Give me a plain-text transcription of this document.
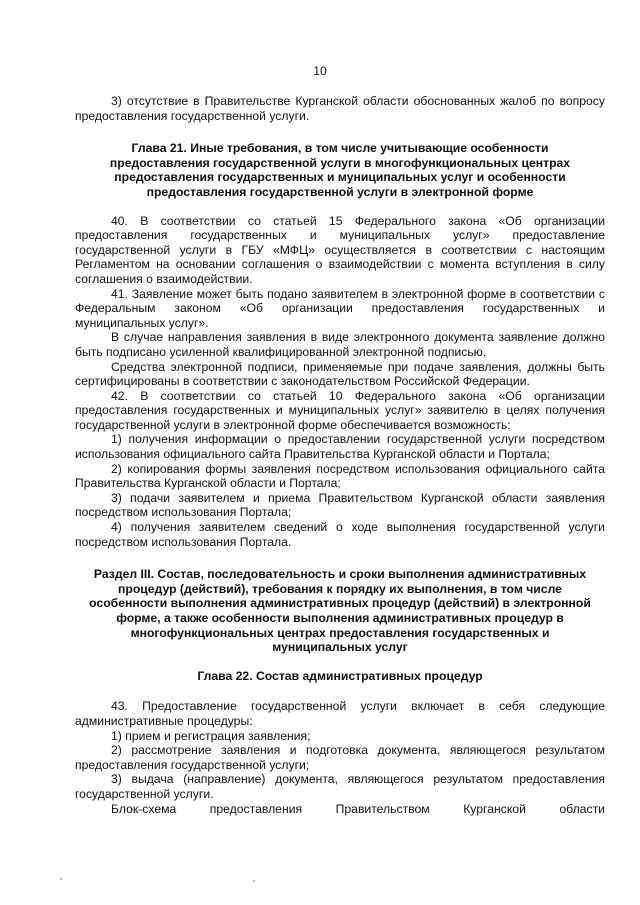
10

3) отсутствие в Правительстве Курганской области обоснованных жалоб по вопросу предоставления государственной услуги.

Глава 21. Иные требования, в том числе учитывающие особенности

предоставления государственной услуги в многофункциональных центрах

предоставления государственных и муниципальных услуг и особенности

предоставления государственной услуги в электронной форме

40. В соответствии со статьей 15 Федерального закона «Об организации предоставления государственных и муниципальных услуг» предоставление государственной услуги в ГБУ «МФЦ» осуществляется в соответствии с настоящим Регламентом на основании соглашения о взаимодействии с момента вступления в силу соглашения о взаимодействии.

41. Заявление может быть подано заявителем в электронной форме в соответствии с Федеральным законом «Об организации предоставления государственных и муниципальных услуг».

В случае направления заявления в виде электронного документа заявление должно быть подписано усиленной квалифицированной электронной подписью.

Средства электронной подписи, применяемые при подаче заявления, должны быть сертифицированы в соответствии с законодательством Российской Федерации.

42. В соответствии со статьей 10 Федерального закона «Об организации предоставления государственных и муниципальных услуг» заявителю в целях получения государственной услуги в электронной форме обеспечивается возможность:

1) получения информации о предоставлении государственной услуги посредством использования официального сайта Правительства Курганской области и Портала;

2) копирования формы заявления посредством использования официального сайта Правительства Курганской области и Портала;

3) подачи заявителем и приема Правительством Курганской области заявления посредством использования Портала;

4) получения заявителем сведений о ходе выполнения государственной услуги посредством использования Портала.

Раздел III. Состав, последовательность и сроки выполнения административных

процедур (действий), требования к порядку их выполнения, в том числе

особенности выполнения административных процедур (действий) в электронной

форме, а также особенности выполнения административных процедур в

многофункциональных центрах предоставления государственных и

муниципальных услуг

Глава 22. Состав административных процедур

43. Предоставление государственной услуги включает в себя следующие административные процедуры:

1) прием и регистрация заявления;

2) рассмотрение заявления и подготовка документа, являющегося результатом предоставления государственной услуги;

3) выдача (направление) документа, являющегося результатом предоставления государственной услуги.

Блок-схема	предоставления	Правительством	Курганской	области
